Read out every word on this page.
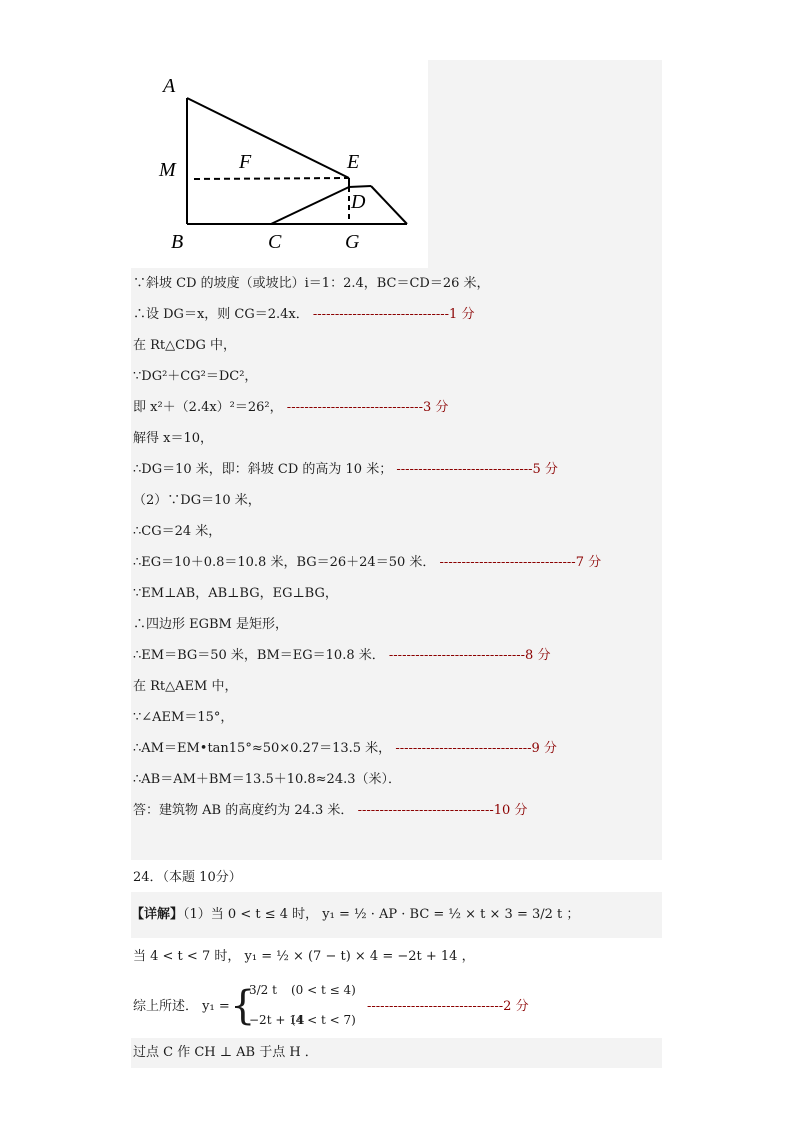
A
M	F	E
D
B	C	G
∵斜坡 CD 的坡度（或坡比）i＝1：2.4，BC＝CD＝26 米，
∴设 DG＝x，则 CG＝2.4x． -------------------------------1 分
在 Rt△CDG 中，
∵DG²＋CG²＝DC²，
即 x²＋（2.4x）²＝26²， -------------------------------3 分
解得 x＝10，
∴DG＝10 米，即：斜坡 CD 的高为 10 米； -------------------------------5 分
（2）∵DG＝10 米，
∴CG＝24 米，
∴EG＝10＋0.8＝10.8 米，BG＝26＋24＝50 米． -------------------------------7 分
∵EM⊥AB，AB⊥BG，EG⊥BG，
∴四边形 EGBM 是矩形，
∴EM＝BG＝50 米，BM＝EG＝10.8 米． -------------------------------8 分
在 Rt△AEM 中，
∵∠AEM＝15°，
∴AM＝EM•tan15°≈50×0.27＝13.5 米， -------------------------------9 分
∴AB＝AM＋BM＝13.5＋10.8≈24.3（米）．
答：建筑物 AB 的高度约为 24.3 米． -------------------------------10 分
24．（本题 10分）
【详解】（1）当 0 < t ≤ 4 时， y₁ = ½ · AP · BC = ½ × t × 3 = 3/2 t ；
当 4 < t < 7 时， y₁ = ½ × (7 − t) × 4 = −2t + 14 ，
综上所述． y₁ = {
3/2 t (0 < t ≤ 4)
−2t + 14
(4 < t < 7)
-------------------------------2 分
过点 C 作 CH ⊥ AB 于点 H ．
